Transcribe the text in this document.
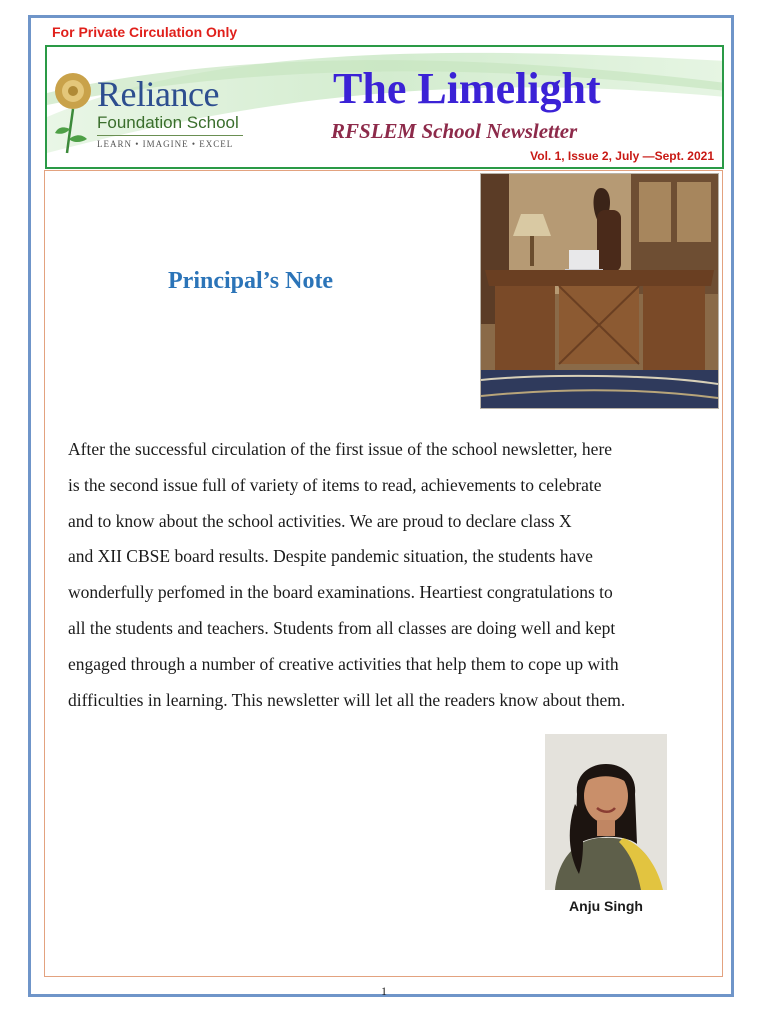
For Private Circulation Only
Reliance
Foundation School
LEARN • IMAGINE • EXCEL
The Limelight
RFSLEM School Newsletter
Vol. 1, Issue 2, July —Sept. 2021
Principal’s Note

After the successful circulation of the first issue of the school newsletter, here
is the second issue full of variety of items to read, achievements to celebrate
and to know about the school activities. We are proud to declare class X
and XII CBSE board results. Despite pandemic situation, the students have
wonderfully perfomed in the board examinations. Heartiest congratulations to
all the students and teachers. Students from all classes are doing well and kept
engaged through a number of creative activities that help them to cope up with
difficulties in learning. This newsletter will let all the readers know about them.

Anju Singh
1
